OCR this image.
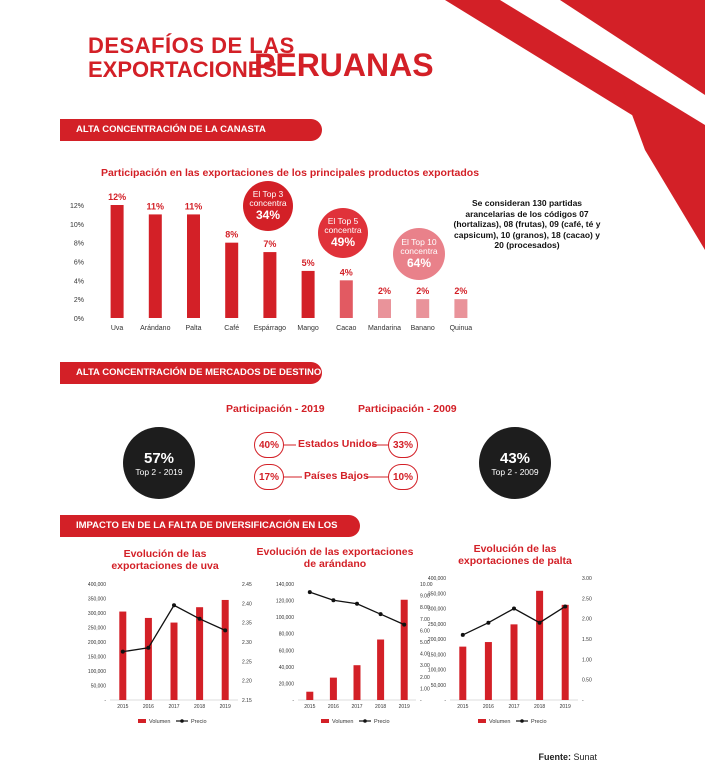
DESAFÍOS DE LAS
EXPORTACIONES
PERUANAS
ALTA CONCENTRACIÓN DE LA CANASTA EXPORTADORA
Participación en las exportaciones de los principales productos exportados
0%
2%
4%
6%
8%
10%
12%
12%
Uva
11%
Arándano
11%
Palta
8%
Café
7%
Espárrago
5%
Mango
4%
Cacao
2%
Mandarina
2%
Banano
2%
Quinua
Se consideran 130 partidas arancelarias de los códigos 07 (hortalizas), 08 (frutas), 09 (café, té y capsicum), 10 (granos), 18 (cacao) y 20 (procesados)
El Top 3
concentra
34%	El Top 5
concentra
49%	El Top 10
concentra
64%
ALTA CONCENTRACIÓN DE MERCADOS DE DESTINO
Participación - 2019	Participación - 2009
57%
Top 2 - 2019
43%
Top 2 - 2009
40%	Estados Unidos	33%
17%	Países Bajos	10%
IMPACTO EN DE LA FALTA DE DIVERSIFICACIÓN EN LOS PRECIOS
Evolución de las exportaciones de uva
Evolución de las exportaciones de arándano
Evolución de las exportaciones de palta
-
50,000
100,000
150,000
200,000
250,000
300,000
350,000
400,000
2.15
2.20
2.25
2.30
2.35
2.40
2.45
2015	2016	2017	2018	2019
Volumen	Precio
-
20,000
40,000
60,000
80,000
100,000
120,000
140,000
-
1.00
2.00
3.00
4.00
5.00
6.00
7.00
8.00
9.00
10.00
2015 2016 2017 2018 2019
Volumen	Precio
-
50,000
100,000
150,000
200,000
250,000
300,000
350,000
400,000
-
0.50
1.00
1.50
2.00
2.50
3.00
2015	2016	2017	2018	2019
Volumen	Precio
Fuente: Sunat
